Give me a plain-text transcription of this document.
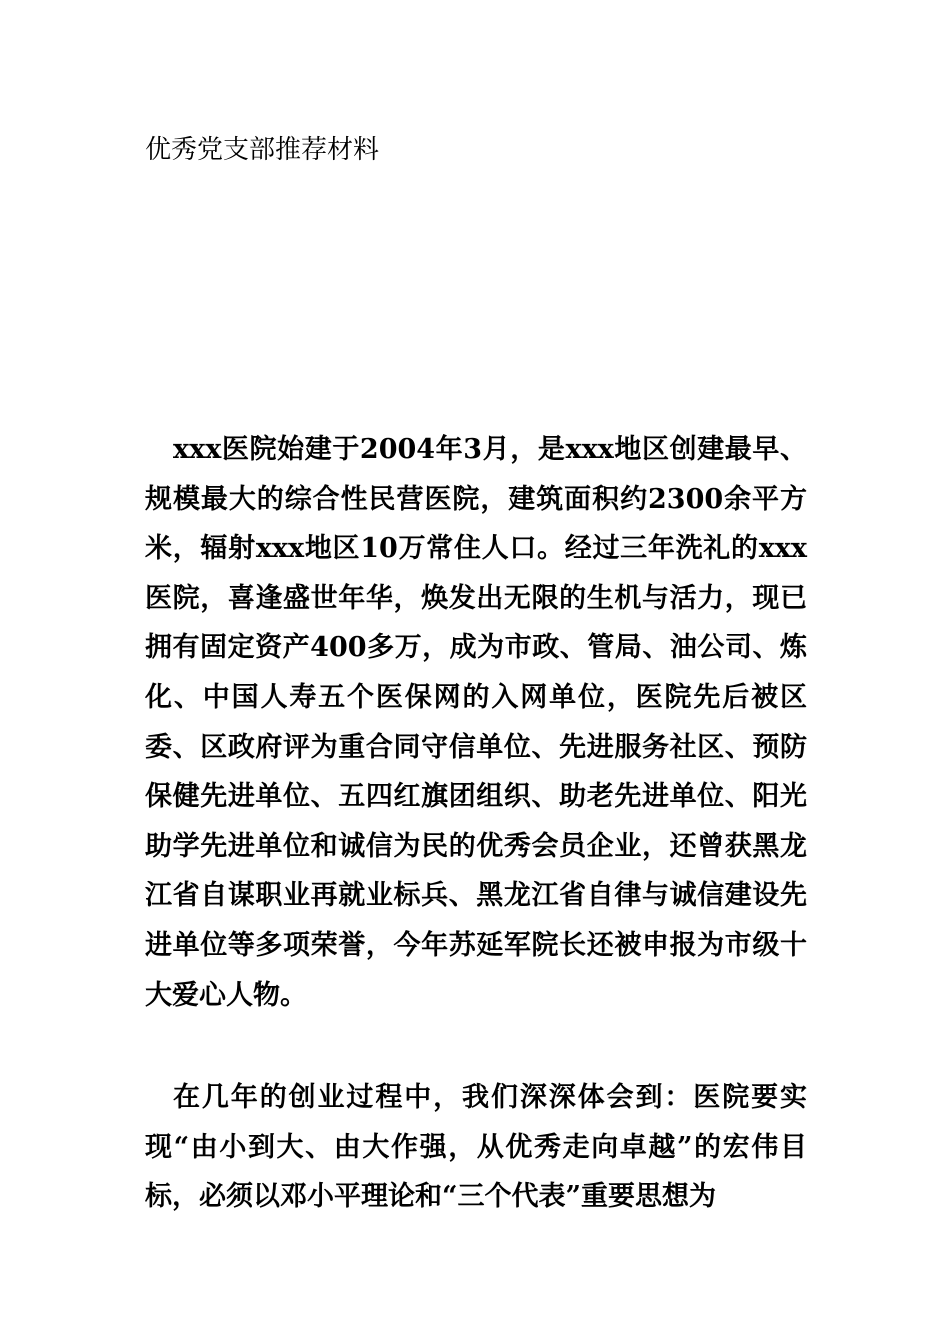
优秀党支部推荐材料

xxx医院始建于2004年3月，是xxx地区创建最早、规模最大的综合性民营医院，建筑面积约2300余平方米，辐射xxx地区10万常住人口。经过三年洗礼的xxx医院，喜逢盛世年华，焕发出无限的生机与活力，现已拥有固定资产400多万，成为市政、管局、油公司、炼化、中国人寿五个医保网的入网单位，医院先后被区委、区政府评为重合同守信单位、先进服务社区、预防保健先进单位、五四红旗团组织、助老先进单位、阳光助学先进单位和诚信为民的优秀会员企业，还曾获黑龙江省自谋职业再就业标兵、黑龙江省自律与诚信建设先进单位等多项荣誉，今年苏延军院长还被申报为市级十大爱心人物。

在几年的创业过程中，我们深深体会到：医院要实现“由小到大、由大作强，从优秀走向卓越”的宏伟目标，必须以邓小平理论和“三个代表”重要思想为
